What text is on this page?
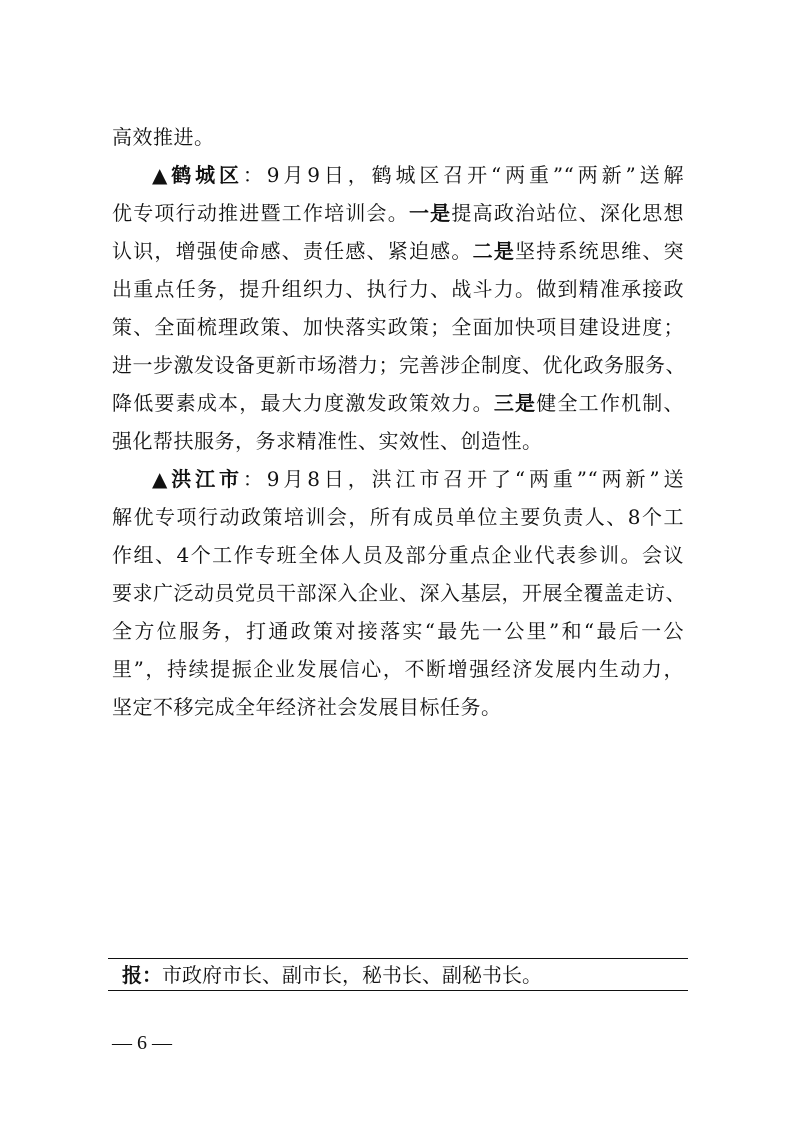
高效推进。
▲鹤城区：9月9日，鹤城区召开“两重”“两新”送解
优专项行动推进暨工作培训会。一是提高政治站位、深化思想
认识，增强使命感、责任感、紧迫感。二是坚持系统思维、突
出重点任务，提升组织力、执行力、战斗力。做到精准承接政
策、全面梳理政策、加快落实政策；全面加快项目建设进度；
进一步激发设备更新市场潜力；完善涉企制度、优化政务服务、
降低要素成本，最大力度激发政策效力。三是健全工作机制、
强化帮扶服务，务求精准性、实效性、创造性。
▲洪江市：9月8日，洪江市召开了“两重”“两新”送
解优专项行动政策培训会，所有成员单位主要负责人、8个工
作组、4个工作专班全体人员及部分重点企业代表参训。会议
要求广泛动员党员干部深入企业、深入基层，开展全覆盖走访、
全方位服务，打通政策对接落实“最先一公里”和“最后一公
里”，持续提振企业发展信心，不断增强经济发展内生动力，
坚定不移完成全年经济社会发展目标任务。
报：市政府市长、副市长，秘书长、副秘书长。
— 6 —
